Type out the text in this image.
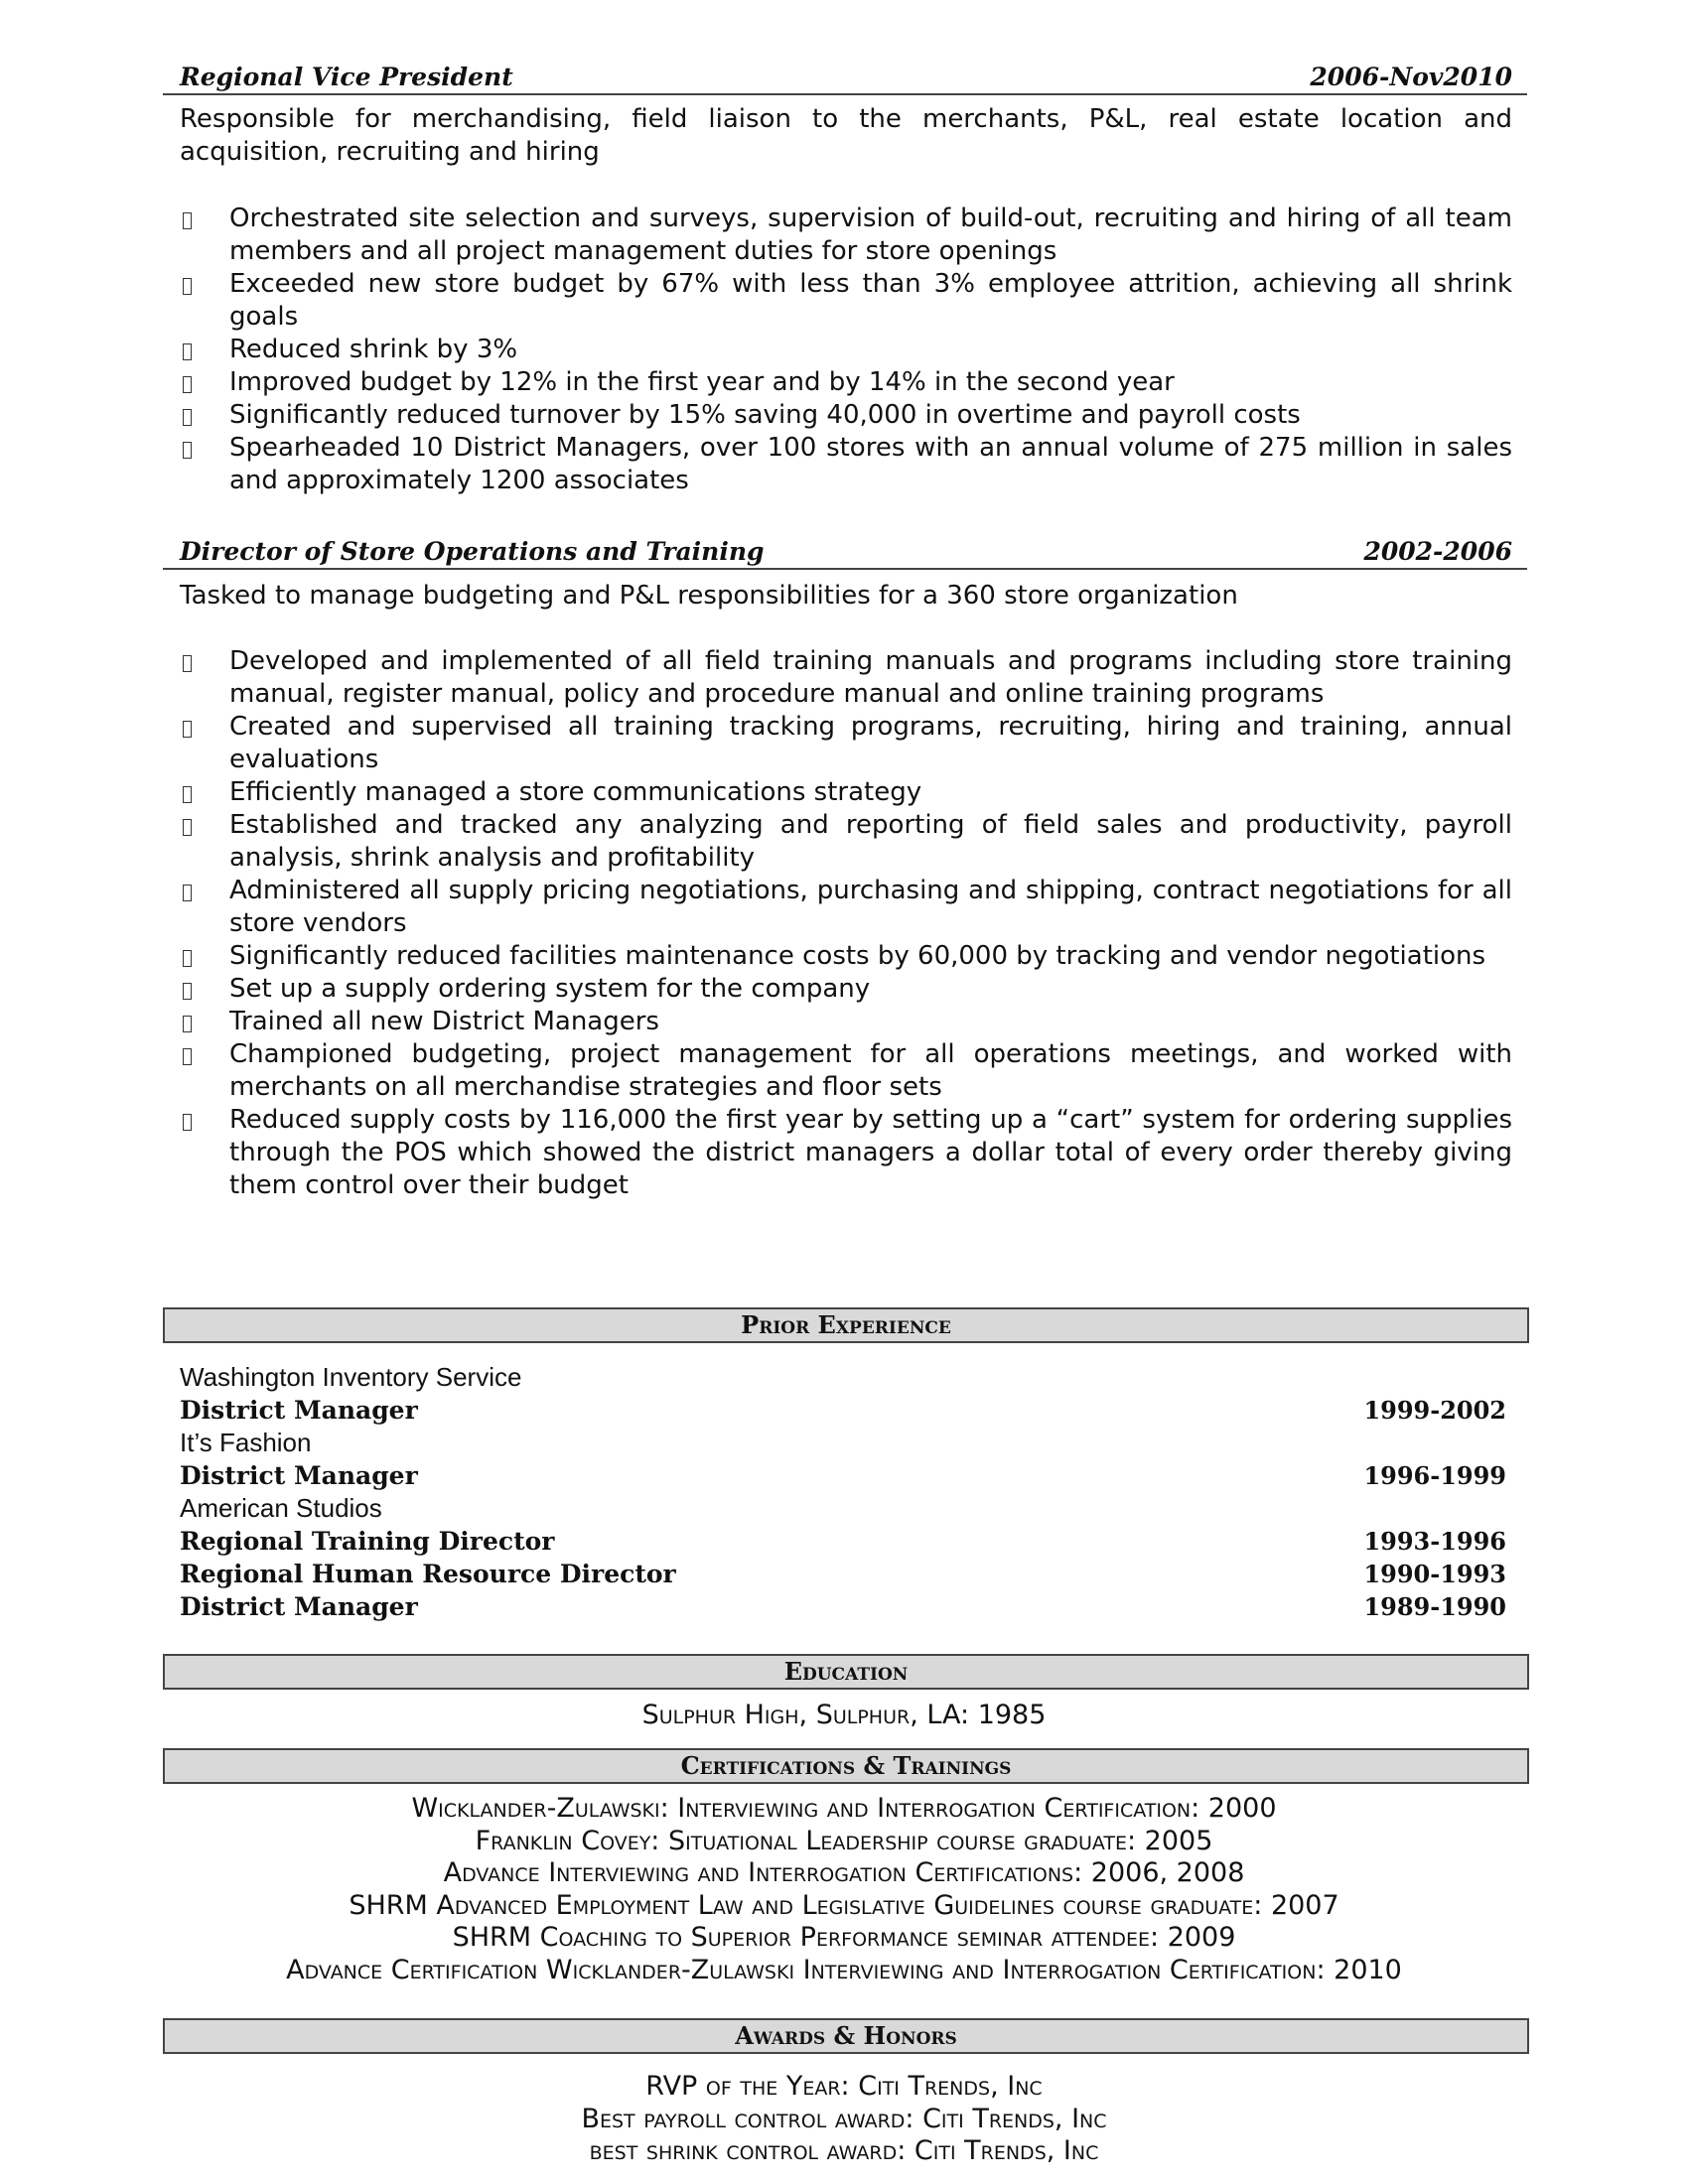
Regional Vice President	2006-Nov2010
Responsible for merchandising, field liaison to the merchants, P&L, real estate location and acquisition, recruiting and hiring
Orchestrated site selection and surveys, supervision of build-out, recruiting and hiring of all team members and all project management duties for store openings
Exceeded new store budget by 67% with less than 3% employee attrition, achieving all shrink goals
Reduced shrink by 3%
Improved budget by 12% in the first year and by 14% in the second year
Significantly reduced turnover by 15% saving 40,000 in overtime and payroll costs
Spearheaded 10 District Managers, over 100 stores with an annual volume of 275 million in sales and approximately 1200 associates
Director of Store Operations and Training	2002-2006
Tasked to manage budgeting and P&L responsibilities for a 360 store organization
Developed and implemented of all field training manuals and programs including store training manual, register manual, policy and procedure manual and online training programs
Created and supervised all training tracking programs, recruiting, hiring and training, annual evaluations
Efficiently managed a store communications strategy
Established and tracked any analyzing and reporting of field sales and productivity, payroll analysis, shrink analysis and profitability
Administered all supply pricing negotiations, purchasing and shipping, contract negotiations for all store vendors
Significantly reduced facilities maintenance costs by 60,000 by tracking and vendor negotiations
Set up a supply ordering system for the company
Trained all new District Managers
Championed budgeting, project management for all operations meetings, and worked with merchants on all merchandise strategies and floor sets
Reduced supply costs by 116,000 the first year by setting up a “cart” system for ordering supplies through the POS which showed the district managers a dollar total of every order thereby giving them control over their budget
Prior Experience
Washington Inventory Service
District Manager	1999-2002
It’s Fashion
District Manager	1996-1999
American Studios
Regional Training Director	1993-1996
Regional Human Resource Director	1990-1993
District Manager	1989-1990
Education
Sulphur High, Sulphur, LA: 1985
Certifications & Trainings
Wicklander-Zulawski: Interviewing and Interrogation Certification: 2000
Franklin Covey: Situational Leadership course graduate: 2005
Advance Interviewing and Interrogation Certifications: 2006, 2008
SHRM Advanced Employment Law and Legislative Guidelines course graduate: 2007
SHRM Coaching to Superior Performance seminar attendee: 2009
Advance Certification Wicklander-Zulawski Interviewing and Interrogation Certification: 2010
Awards & Honors
RVP of the Year: Citi Trends, Inc
Best payroll control award: Citi Trends, Inc
best shrink control award: Citi Trends, Inc
